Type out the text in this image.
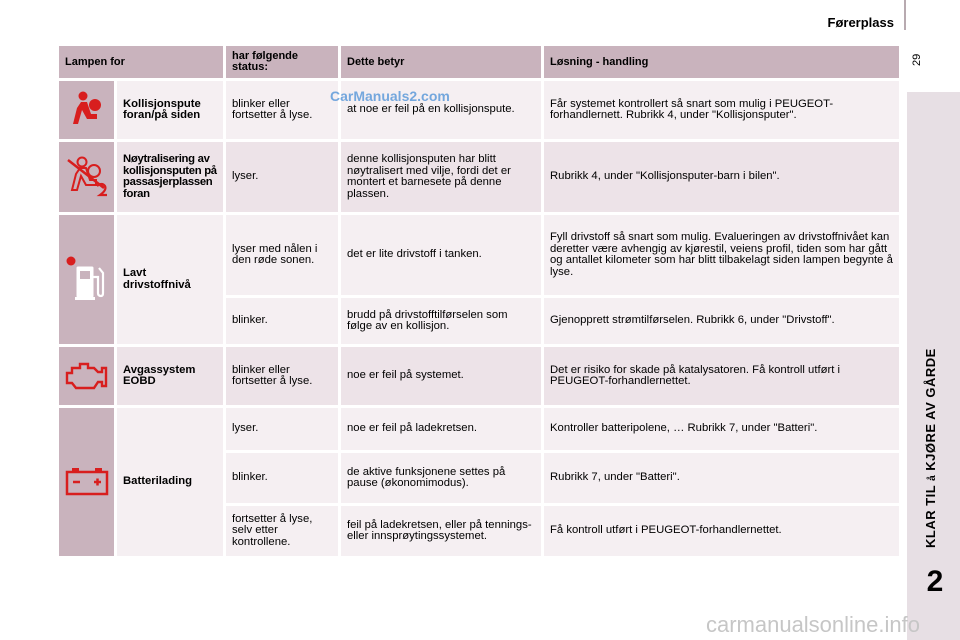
Førerplass
29
KLAR TIL å KJØRE AV GÅRDE
2
Lampen for		har følgende status:	Dette betyr	Løsning - handling

	Kollisjonspute foran/på siden	blinker eller fortsetter å lyse.	at noe er feil på en kollisjonspute.	Får systemet kontrollert så snart som mulig i PEUGEOT-forhandlernett. Rubrikk 4, under "Kollisjonsputer".

	Nøytralisering av kollisjonsputen på passasjerplassen foran	lyser.	denne kollisjonsputen har blitt nøytralisert med vilje, fordi det er montert et barnesete på denne plassen.	Rubrikk 4, under "Kollisjonsputer-barn i bilen".

	Lavt drivstoffnivå	lyser med nålen i den røde sonen.	det er lite drivstoff i tanken.	Fyll drivstoff så snart som mulig. Evalueringen av drivstoffnivået kan deretter være avhengig av kjørestil, veiens profil, tiden som har gått og antallet kilometer som har blitt tilbakelagt siden lampen begynte å lyse.
		blinker.	brudd på drivstofftilførselen som følge av en kollisjon.	Gjenopprett strømtilførselen. Rubrikk 6, under "Drivstoff".

	Avgassystem EOBD	blinker eller fortsetter å lyse.	noe er feil på systemet.	Det er risiko for skade på katalysatoren. Få kontroll utført i PEUGEOT-forhandlernettet.

	Batterilading	lyser.	noe er feil på ladekretsen.	Kontroller batteripolene, … Rubrikk 7, under "Batteri".
		blinker.	de aktive funksjonene settes på pause (økonomimodus).	Rubrikk 7, under "Batteri".
		fortsetter å lyse, selv etter kontrollene.	feil på ladekretsen, eller på tennings- eller innsprøytingssystemet.	Få kontroll utført i PEUGEOT-forhandlernettet.
CarManuals2.com
carmanualsonline.info
